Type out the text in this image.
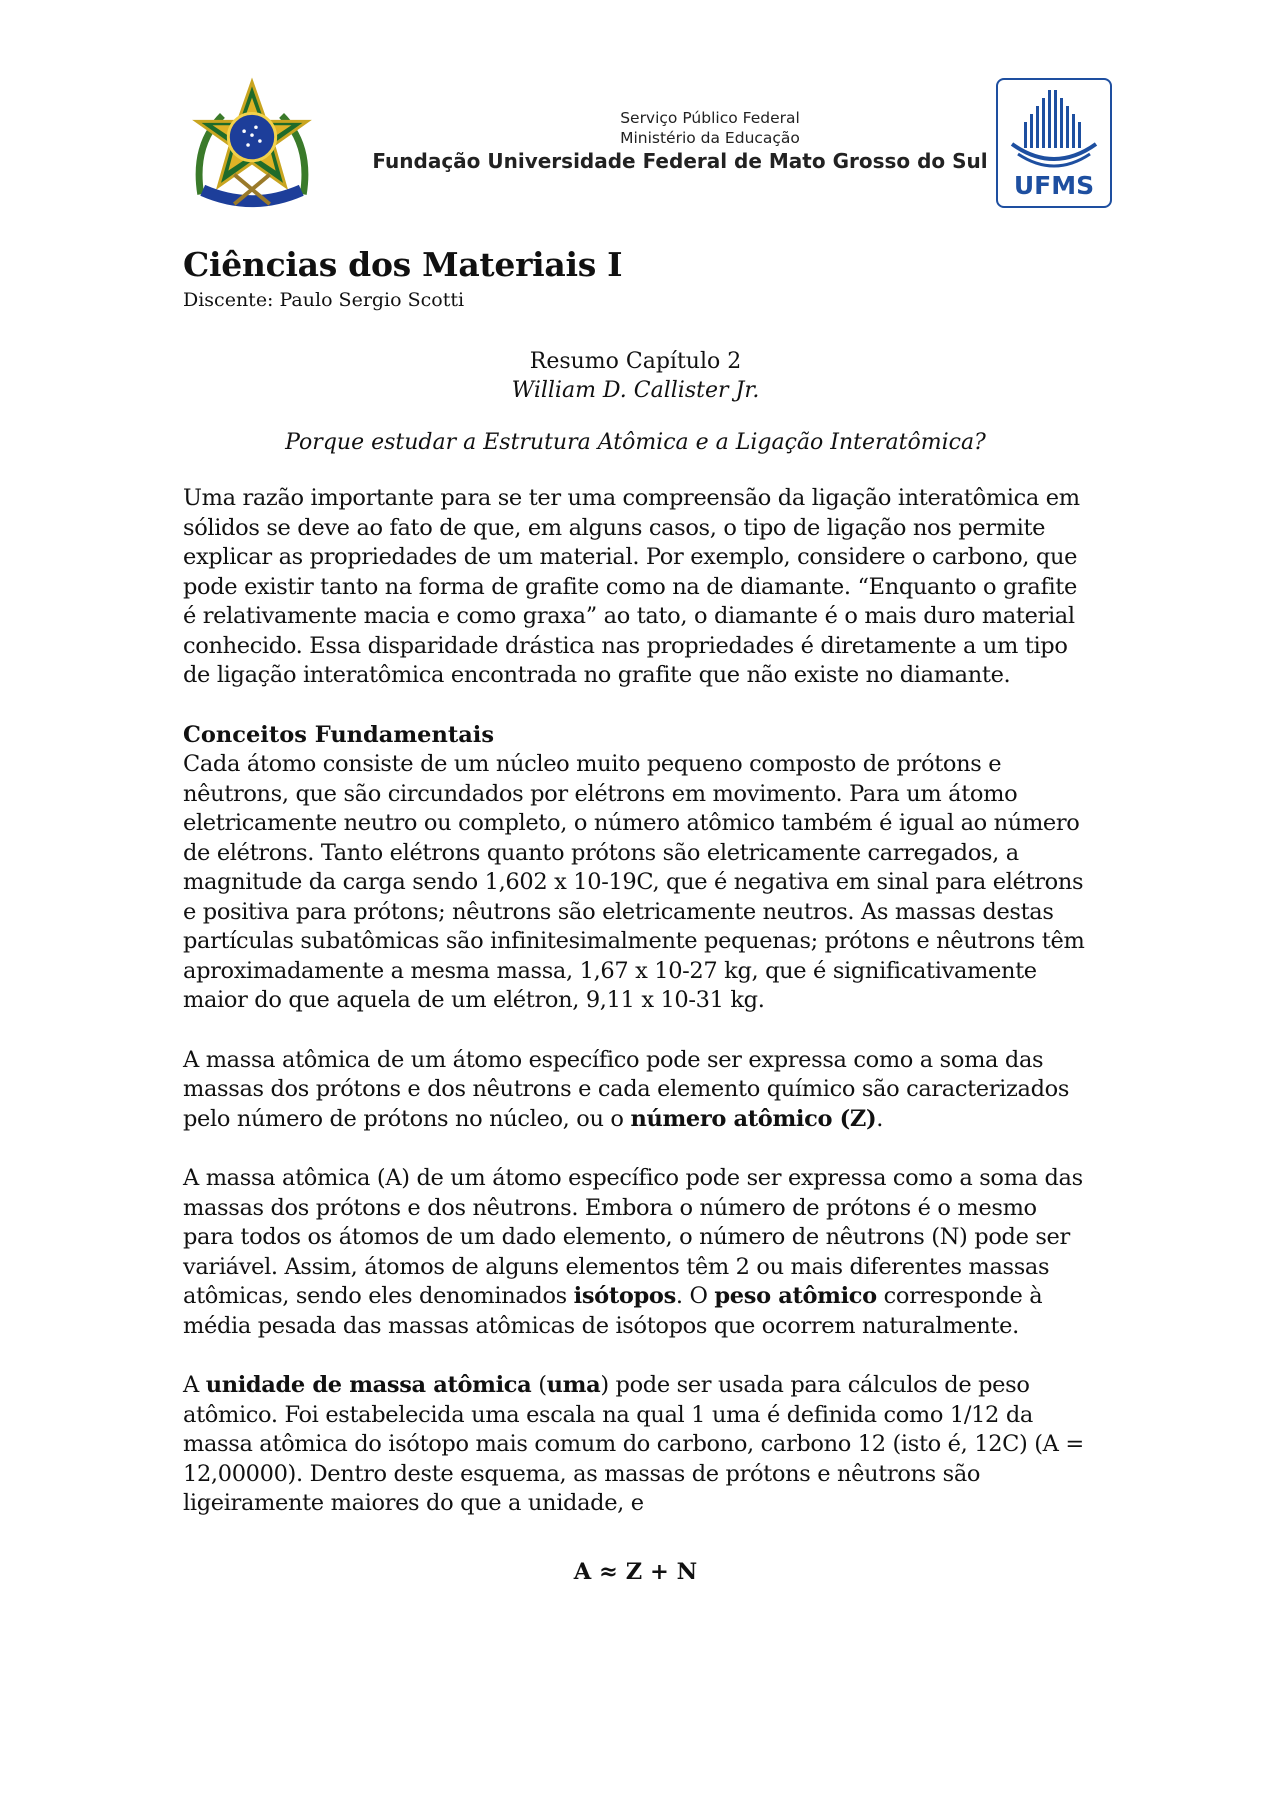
Serviço Público Federal
Ministério da Educação
Fundação Universidade Federal de Mato Grosso do Sul
UFMS
Ciências dos Materiais I
Discente: Paulo Sergio Scotti
Resumo Capítulo 2
William D. Callister Jr.
Porque estudar a Estrutura Atômica e a Ligação Interatômica?

Uma razão importante para se ter uma compreensão da ligação interatômica em sólidos se deve ao fato de que, em alguns casos, o tipo de ligação nos permite explicar as propriedades de um material. Por exemplo, considere o carbono, que pode existir tanto na forma de grafite como na de diamante. “Enquanto o grafite é relativamente macia e como graxa” ao tato, o diamante é o mais duro material conhecido. Essa disparidade drástica nas propriedades é diretamente a um tipo de ligação interatômica encontrada no grafite que não existe no diamante.

Conceitos Fundamentais

Cada átomo consiste de um núcleo muito pequeno composto de prótons e nêutrons, que são circundados por elétrons em movimento. Para um átomo eletricamente neutro ou completo, o número atômico também é igual ao número de elétrons. Tanto elétrons quanto prótons são eletricamente carregados, a magnitude da carga sendo 1,602 x 10-19C, que é negativa em sinal para elétrons e positiva para prótons; nêutrons são eletricamente neutros. As massas destas partículas subatômicas são infinitesimalmente pequenas; prótons e nêutrons têm aproximadamente a mesma massa, 1,67 x 10-27 kg, que é significativamente maior do que aquela de um elétron, 9,11 x 10-31 kg.

A massa atômica de um átomo específico pode ser expressa como a soma das massas dos prótons e dos nêutrons e cada elemento químico são caracterizados pelo número de prótons no núcleo, ou o número atômico (Z).

A massa atômica (A) de um átomo específico pode ser expressa como a soma das massas dos prótons e dos nêutrons. Embora o número de prótons é o mesmo para todos os átomos de um dado elemento, o número de nêutrons (N) pode ser variável. Assim, átomos de alguns elementos têm 2 ou mais diferentes massas atômicas, sendo eles denominados isótopos. O peso atômico corresponde à média pesada das massas atômicas de isótopos que ocorrem naturalmente.

A unidade de massa atômica (uma) pode ser usada para cálculos de peso atômico. Foi estabelecida uma escala na qual 1 uma é definida como 1/12 da massa atômica do isótopo mais comum do carbono, carbono 12 (isto é, 12C) (A = 12,00000). Dentro deste esquema, as massas de prótons e nêutrons são ligeiramente maiores do que a unidade, e

A ≈ Z + N
